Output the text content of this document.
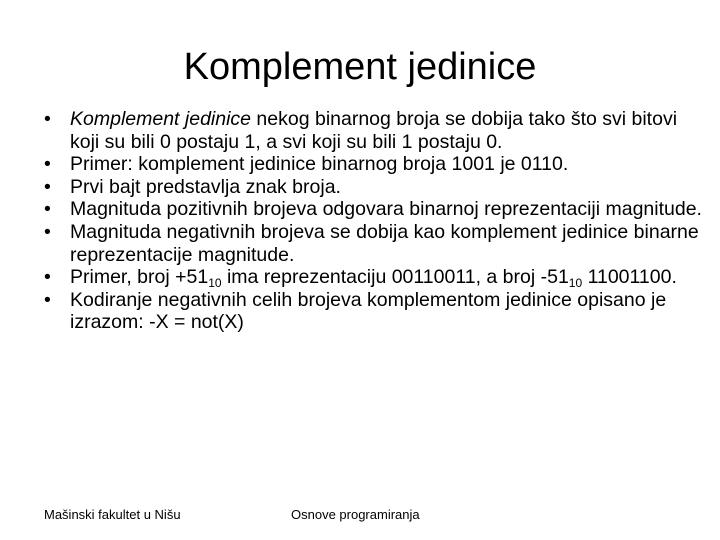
Komplement jedinice
• Komplement jedinice nekog binarnog broja se dobija tako što svi bitovi koji su bili 0 postaju 1, a svi koji su bili 1 postaju 0.
• Primer: komplement jedinice binarnog broja 1001 je 0110.
• Prvi bajt predstavlja znak broja.
• Magnituda pozitivnih brojeva odgovara binarnoj reprezentaciji magnitude.
• Magnituda negativnih brojeva se dobija kao komplement jedinice binarne reprezentacije magnitude.
• Primer, broj $+51_{10}$ ima reprezentaciju 00110011, a broj $-51_{10}$ 11001100.
• Kodiranje negativnih celih brojeva komplementom jedinice opisano je izrazom: -X = not(X)
Mašinski fakultet u Nišu	Osnove programiranja
